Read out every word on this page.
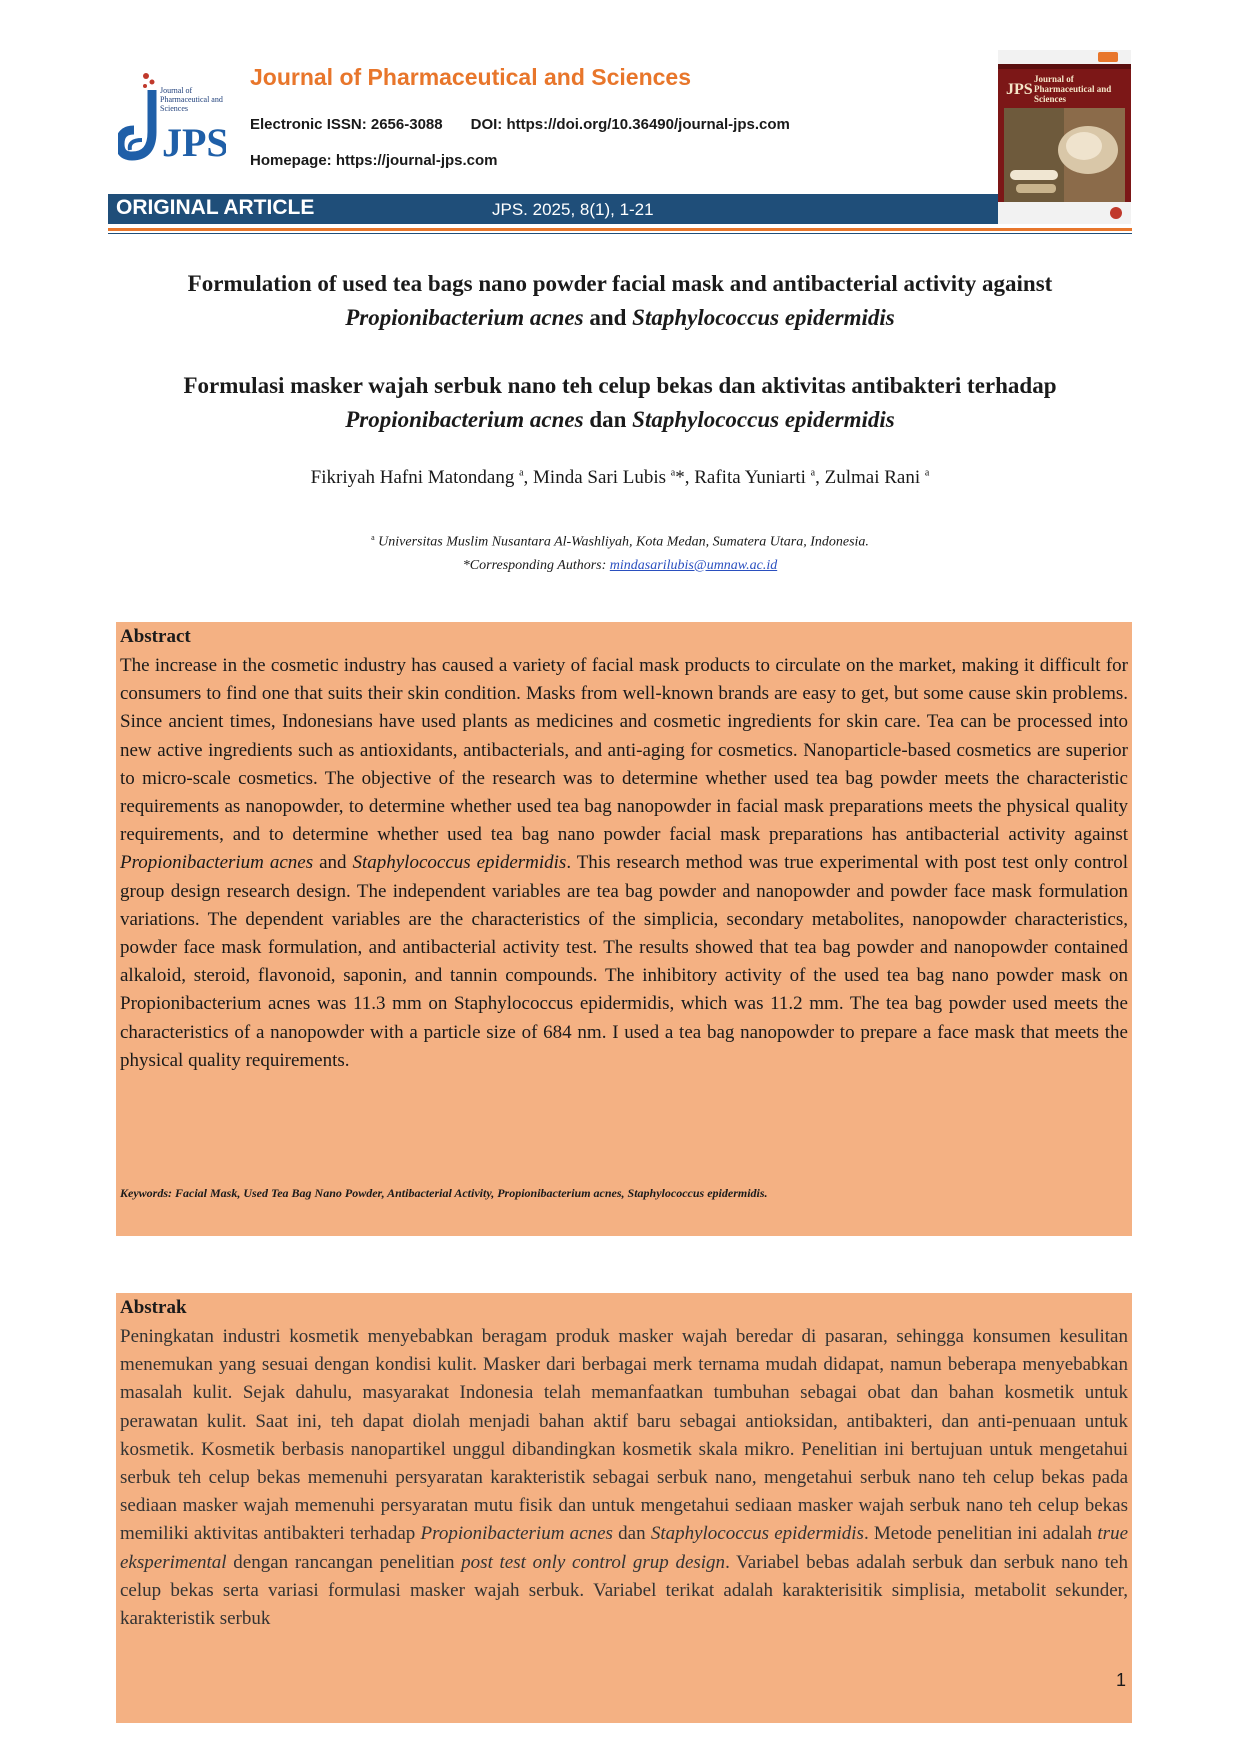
JPS
Journal of Pharmaceutical and Sciences
Journal of Pharmaceutical and Sciences
Electronic ISSN: 2656-3088 DOI: https://doi.org/10.36490/journal-jps.com
Homepage: https://journal-jps.com
JPS
Journal of Pharmaceutical and Sciences
ORIGINAL ARTICLE	JPS. 2025, 8(1), 1-21
Formulation of used tea bags nano powder facial mask and antibacterial activity against Propionibacterium acnes and Staphylococcus epidermidis
Formulasi masker wajah serbuk nano teh celup bekas dan aktivitas antibakteri terhadap Propionibacterium acnes dan Staphylococcus epidermidis
Fikriyah Hafni Matondang $^a$, Minda Sari Lubis $^a$*, Rafita Yuniarti $^a$, Zulmai Rani $^a$
$^a$ Universitas Muslim Nusantara Al-Washliyah, Kota Medan, Sumatera Utara, Indonesia.
*Corresponding Authors: mindasarilubis@umnaw.ac.id
Abstract
The increase in the cosmetic industry has caused a variety of facial mask products to circulate on the market, making it difficult for consumers to find one that suits their skin condition. Masks from well-known brands are easy to get, but some cause skin problems. Since ancient times, Indonesians have used plants as medicines and cosmetic ingredients for skin care. Tea can be processed into new active ingredients such as antioxidants, antibacterials, and anti-aging for cosmetics. Nanoparticle-based cosmetics are superior to micro-scale cosmetics. The objective of the research was to determine whether used tea bag powder meets the characteristic requirements as nanopowder, to determine whether used tea bag nanopowder in facial mask preparations meets the physical quality requirements, and to determine whether used tea bag nano powder facial mask preparations has antibacterial activity against Propionibacterium acnes and Staphylococcus epidermidis. This research method was true experimental with post test only control group design research design. The independent variables are tea bag powder and nanopowder and powder face mask formulation variations. The dependent variables are the characteristics of the simplicia, secondary metabolites, nanopowder characteristics, powder face mask formulation, and antibacterial activity test. The results showed that tea bag powder and nanopowder contained alkaloid, steroid, flavonoid, saponin, and tannin compounds. The inhibitory activity of the used tea bag nano powder mask on Propionibacterium acnes was 11.3 mm on Staphylococcus epidermidis, which was 11.2 mm. The tea bag powder used meets the characteristics of a nanopowder with a particle size of 684 nm. I used a tea bag nanopowder to prepare a face mask that meets the physical quality requirements.
Keywords: Facial Mask, Used Tea Bag Nano Powder, Antibacterial Activity, Propionibacterium acnes, Staphylococcus epidermidis.
Abstrak
Peningkatan industri kosmetik menyebabkan beragam produk masker wajah beredar di pasaran, sehingga konsumen kesulitan menemukan yang sesuai dengan kondisi kulit. Masker dari berbagai merk ternama mudah didapat, namun beberapa menyebabkan masalah kulit. Sejak dahulu, masyarakat Indonesia telah memanfaatkan tumbuhan sebagai obat dan bahan kosmetik untuk perawatan kulit. Saat ini, teh dapat diolah menjadi bahan aktif baru sebagai antioksidan, antibakteri, dan anti-penuaan untuk kosmetik. Kosmetik berbasis nanopartikel unggul dibandingkan kosmetik skala mikro. Penelitian ini bertujuan untuk mengetahui serbuk teh celup bekas memenuhi persyaratan karakteristik sebagai serbuk nano, mengetahui serbuk nano teh celup bekas pada sediaan masker wajah memenuhi persyaratan mutu fisik dan untuk mengetahui sediaan masker wajah serbuk nano teh celup bekas memiliki aktivitas antibakteri terhadap Propionibacterium acnes dan Staphylococcus epidermidis. Metode penelitian ini adalah true eksperimental dengan rancangan penelitian post test only control grup design. Variabel bebas adalah serbuk dan serbuk nano teh celup bekas serta variasi formulasi masker wajah serbuk. Variabel terikat adalah karakterisitik simplisia, metabolit sekunder, karakteristik serbuk
1
